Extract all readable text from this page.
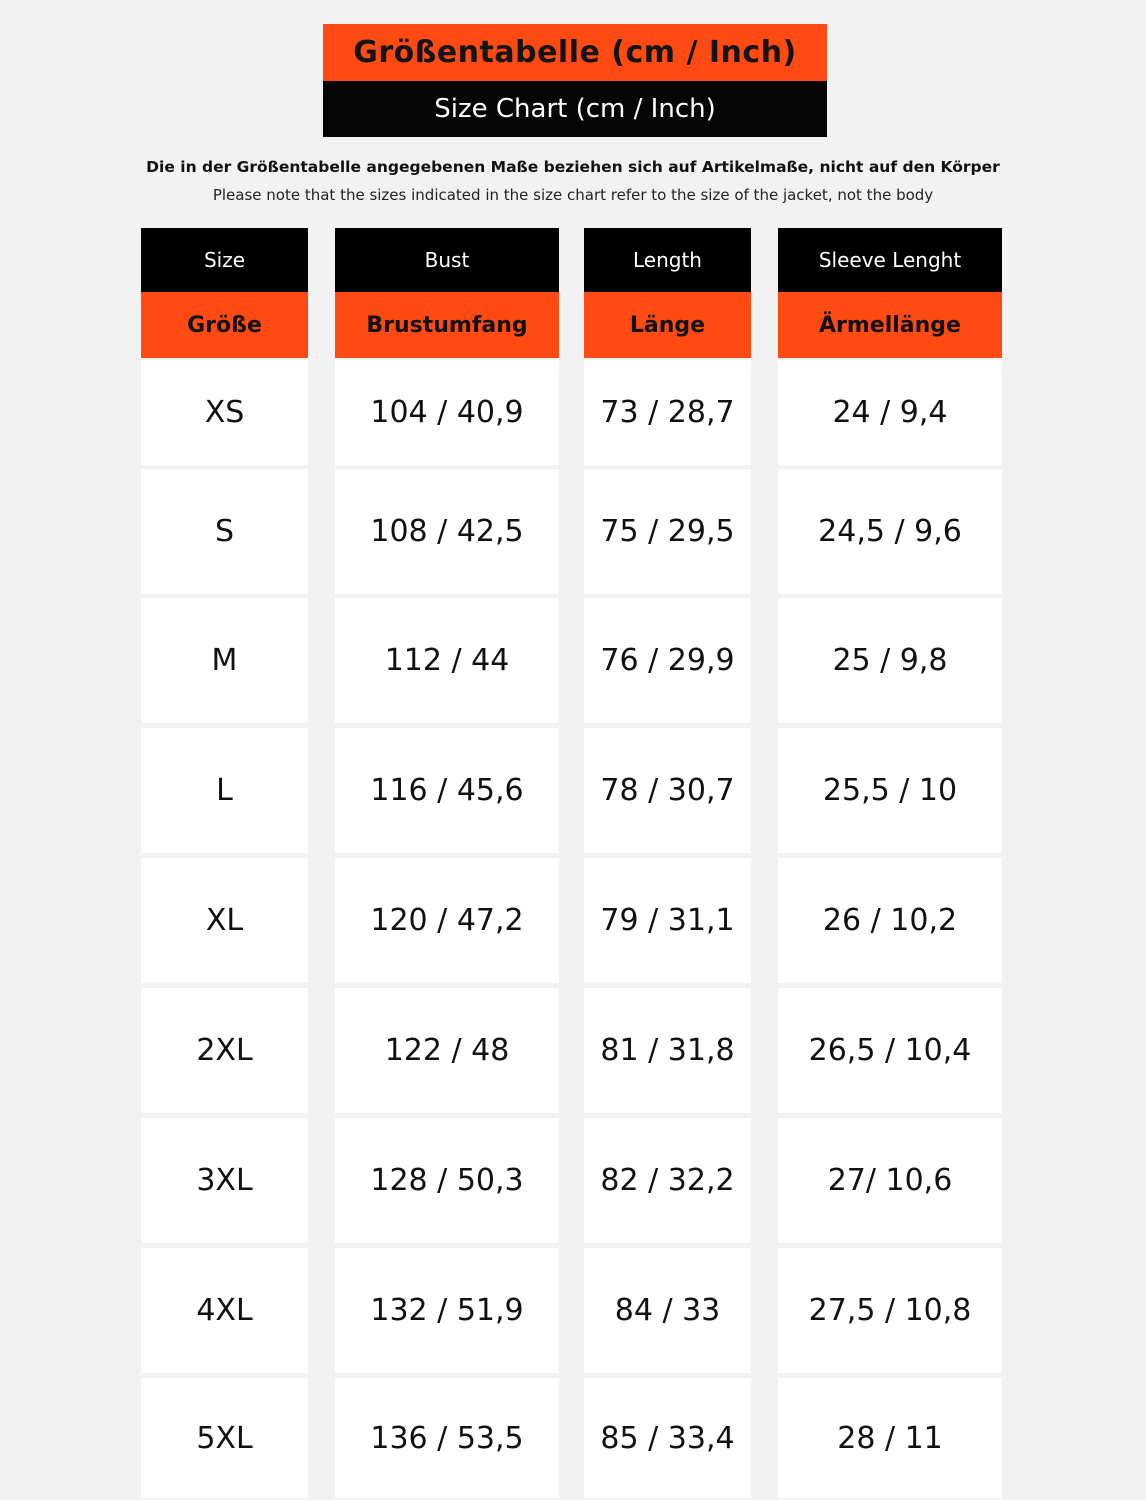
Größentabelle (cm / Inch)
Size Chart (cm / Inch)
Die in der Größentabelle angegebenen Maße beziehen sich auf Artikelmaße, nicht auf den Körper
Please note that the sizes indicated in the size chart refer to the size of the jacket, not the body
Size
Größe
XS
S
M
L
XL
2XL
3XL
4XL
5XL
Bust
Brustumfang
104 / 40,9
108 / 42,5
112 / 44
116 / 45,6
120 / 47,2
122 / 48
128 / 50,3
132 / 51,9
136 / 53,5
Length
Länge
73 / 28,7
75 / 29,5
76 / 29,9
78 / 30,7
79 / 31,1
81 / 31,8
82 / 32,2
84 / 33
85 / 33,4
Sleeve Lenght
Ärmellänge
24 / 9,4
24,5 / 9,6
25 / 9,8
25,5 / 10
26 / 10,2
26,5 / 10,4
27/ 10,6
27,5 / 10,8
28 / 11
